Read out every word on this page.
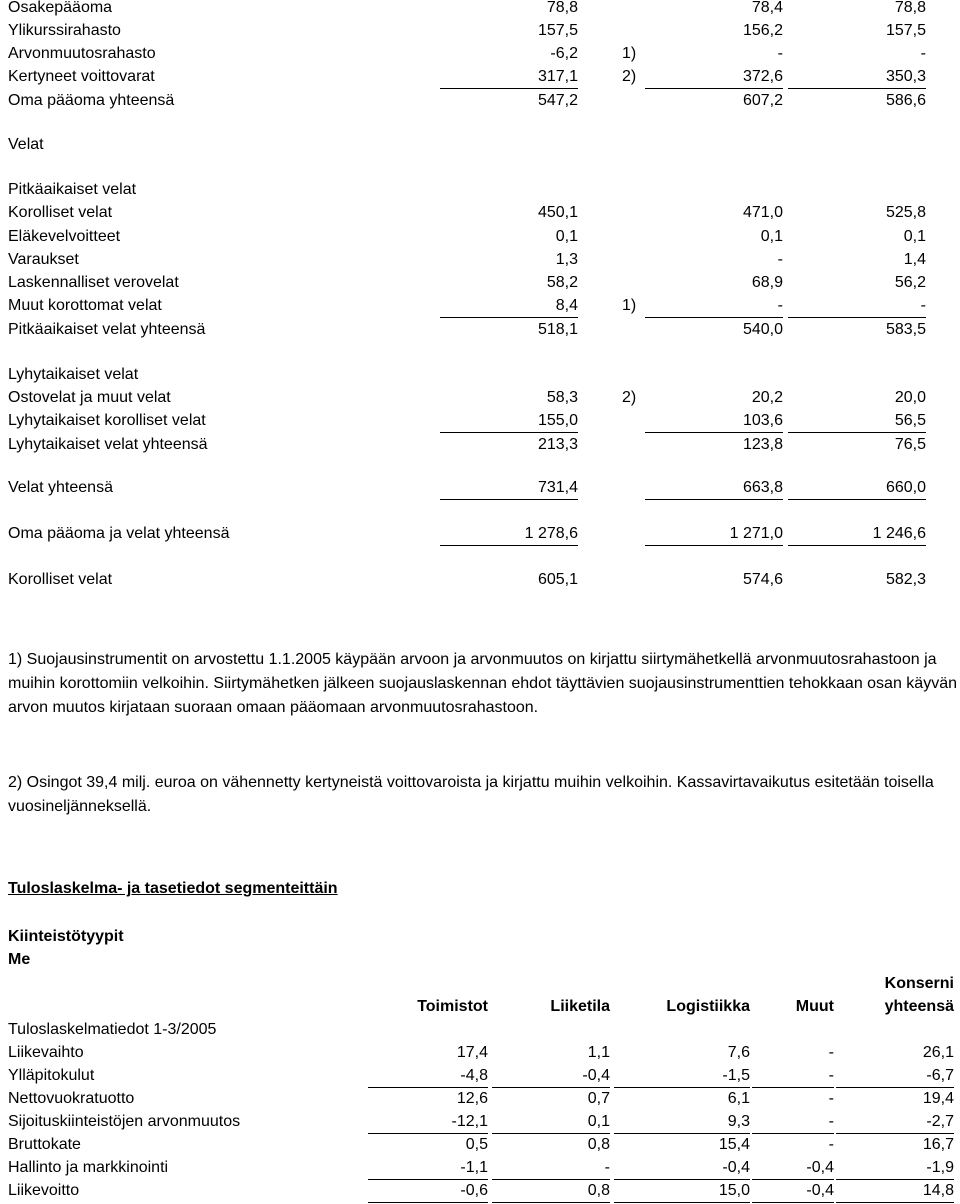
Osakepääoma	78,8	78,4	78,8
Ylikurssirahasto	157,5	156,2	157,5
Arvonmuutosrahasto	-6,2	1)	-	-
Kertyneet voittovarat	317,1	2)	372,6	350,3
Oma pääoma yhteensä	547,2	607,2	586,6
Velat
Pitkäaikaiset velat
Korolliset velat	450,1	471,0	525,8
Eläkevelvoitteet	0,1	0,1	0,1
Varaukset	1,3	-	1,4
Laskennalliset verovelat	58,2	68,9	56,2
Muut korottomat velat	8,4	1)	-	-
Pitkäaikaiset velat yhteensä	518,1	540,0	583,5
Lyhytaikaiset velat
Ostovelat ja muut velat	58,3	2)	20,2	20,0
Lyhytaikaiset korolliset velat	155,0	103,6	56,5
Lyhytaikaiset velat yhteensä	213,3	123,8	76,5
Velat yhteensä	731,4	663,8	660,0
Oma pääoma ja velat yhteensä	1 278,6	1 271,0	1 246,6
Korolliset velat	605,1	574,6	582,3
1) Suojausinstrumentit on arvostettu 1.1.2005 käypään arvoon ja arvonmuutos on kirjattu siirtymähetkellä arvonmuutosrahastoon ja muihin korottomiin velkoihin. Siirtymähetken jälkeen suojauslaskennan ehdot täyttävien suojausinstrumenttien tehokkaan osan käyvän arvon muutos kirjataan suoraan omaan pääomaan arvonmuutosrahastoon.
2) Osingot 39,4 milj. euroa on vähennetty kertyneistä voittovaroista ja kirjattu muihin velkoihin. Kassavirtavaikutus esitetään toisella vuosineljänneksellä.
Tuloslaskelma- ja tasetiedot segmenteittäin
Kiinteistötyypit
Me
Toimistot	Liiketila	Logistiikka	Muut
Konserni
yhteensä
Tuloslaskelmatiedot 1-3/2005
Liikevaihto	17,4	1,1	7,6	-	26,1
Ylläpitokulut	-4,8	-0,4	-1,5	-	-6,7
Nettovuokratuotto	12,6	0,7	6,1	-	19,4
Sijoituskiinteistöjen arvonmuutos	-12,1	0,1	9,3	-	-2,7
Bruttokate	0,5	0,8	15,4	-	16,7
Hallinto ja markkinointi	-1,1	-	-0,4	-0,4	-1,9
Liikevoitto	-0,6	0,8	15,0	-0,4	14,8
